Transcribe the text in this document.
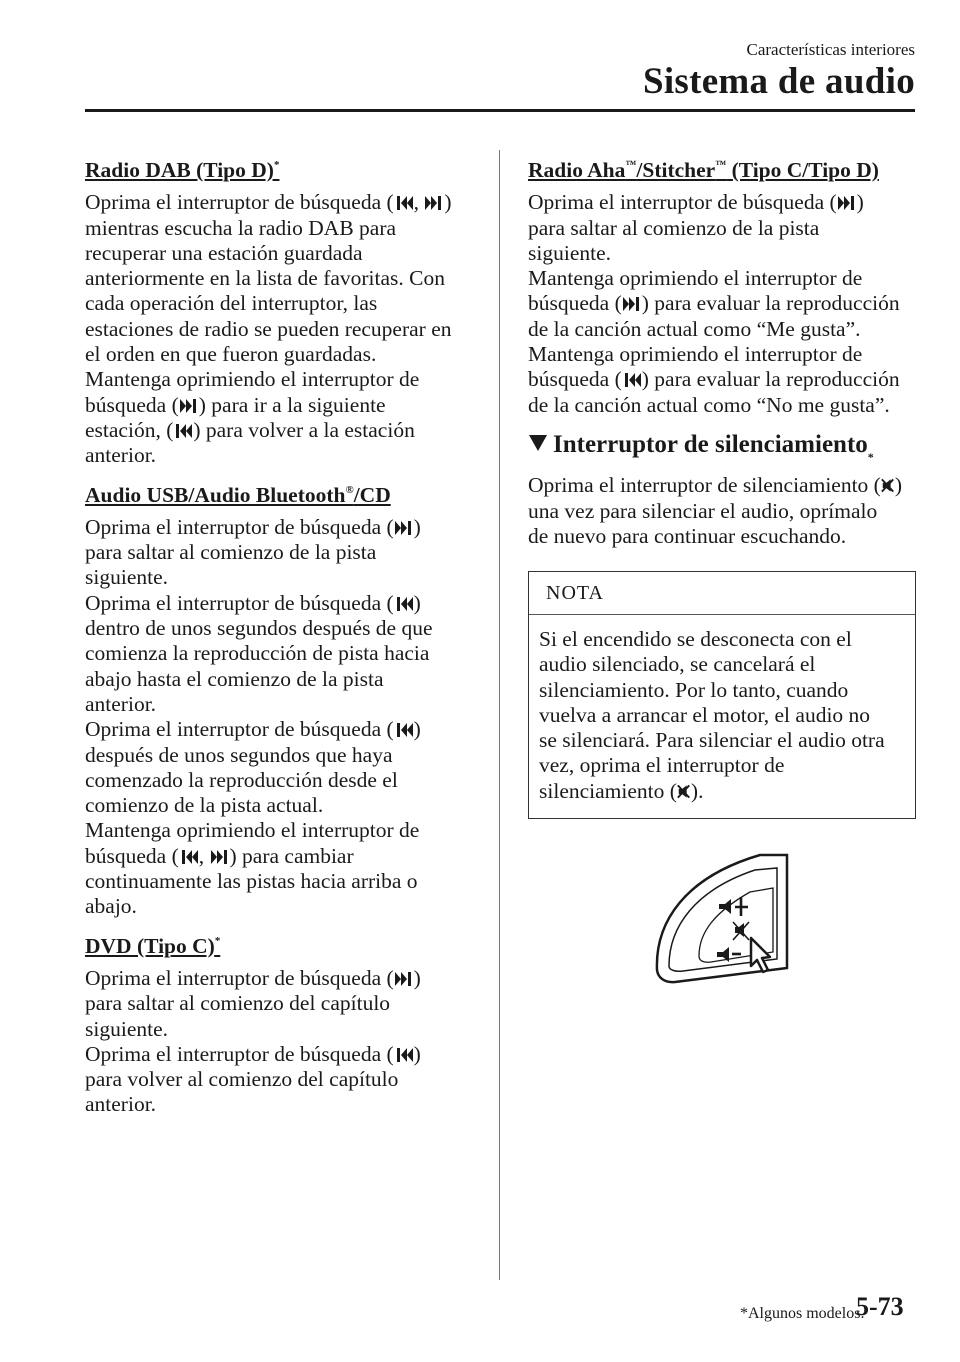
Características interiores
Sistema de audio
Radio DAB (Tipo D)*
Oprima el interruptor de búsqueda ( ,
)
mientras escucha la radio DAB para
recuperar una estación guardada
anteriormente en la lista de favoritas. Con
cada operación del interruptor, las
estaciones de radio se pueden recuperar en
el orden en que fueron guardadas.
Mantenga oprimiendo el interruptor de
búsqueda ( ) para ir a la siguiente
estación, ( ) para volver a la estación
anterior.
Audio USB/Audio Bluetooth®/CD
Oprima el interruptor de búsqueda ( )
para saltar al comienzo de la pista
siguiente.
Oprima el interruptor de búsqueda ( )
dentro de unos segundos después de que
comienza la reproducción de pista hacia
abajo hasta el comienzo de la pista
anterior.
Oprima el interruptor de búsqueda ( )
después de unos segundos que haya
comenzado la reproducción desde el
comienzo de la pista actual.
Mantenga oprimiendo el interruptor de
búsqueda ( ,
) para cambiar
continuamente las pistas hacia arriba o
abajo.
DVD (Tipo C)*
Oprima el interruptor de búsqueda ( )
para saltar al comienzo del capítulo
siguiente.
Oprima el interruptor de búsqueda ( )
para volver al comienzo del capítulo
anterior.
Radio Aha™/Stitcher™ (Tipo C/Tipo D)
Oprima el interruptor de búsqueda ( )
para saltar al comienzo de la pista
siguiente.
Mantenga oprimiendo el interruptor de
búsqueda ( ) para evaluar la reproducción
de la canción actual como “Me gusta”.
Mantenga oprimiendo el interruptor de
búsqueda ( ) para evaluar la reproducción
de la canción actual como “No me gusta”.
Interruptor de silenciamiento *
Oprima el interruptor de silenciamiento ( )
una vez para silenciar el audio, oprímalo
de nuevo para continuar escuchando.
NOTA
Si el encendido se desconecta con el
audio silenciado, se cancelará el
silenciamiento. Por lo tanto, cuando
vuelva a arrancar el motor, el audio no
se silenciará. Para silenciar el audio otra
vez, oprima el interruptor de
silenciamiento ( ).
*Algunos modelos.
5-73
